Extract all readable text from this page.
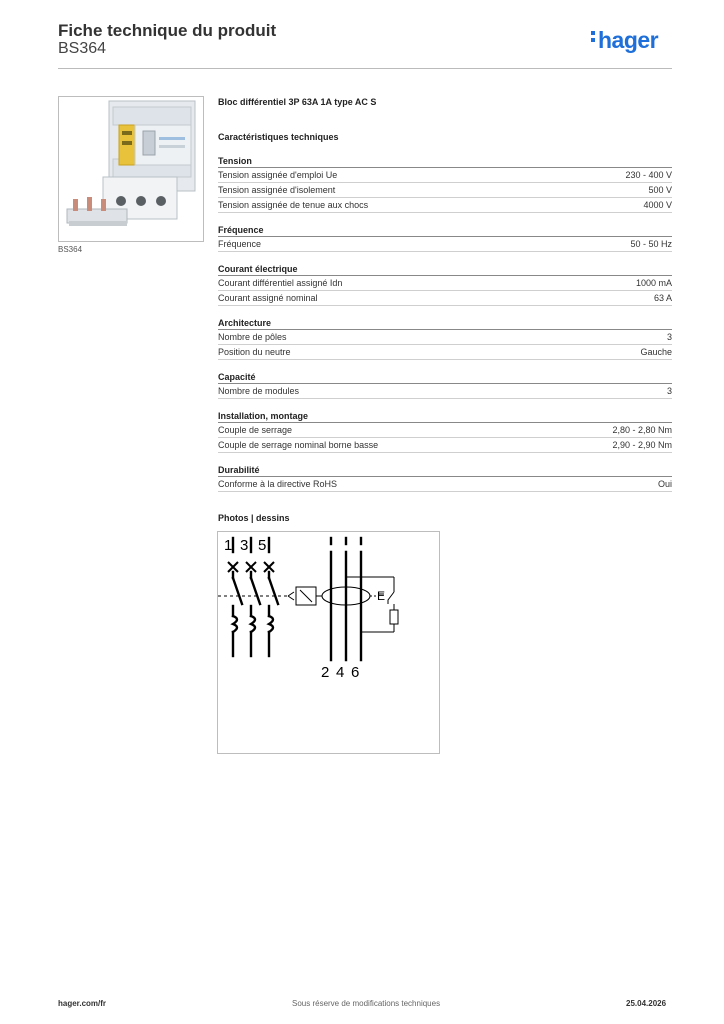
Fiche technique du produit
BS364	hager
BS364
Bloc différentiel 3P 63A 1A type AC S
Caractéristiques techniques
Tension
Tension assignée d'emploi Ue	230 - 400 V
Tension assignée d'isolement	500 V
Tension assignée de tenue aux chocs	4000 V
Fréquence
Fréquence	50 - 50 Hz
Courant électrique
Courant différentiel assigné Idn	1000 mA
Courant assigné nominal	63 A
Architecture
Nombre de pôles	3
Position du neutre	Gauche
Capacité
Nombre de modules	3
Installation, montage
Couple de serrage	2,80 - 2,80 Nm
Couple de serrage nominal borne basse	2,90 - 2,90 Nm
Durabilité
Conforme à la directive RoHS	Oui
Photos | dessins
1 3 5
E
2 4 6
hager.com/fr	Sous réserve de modifications techniques	25.04.2026
